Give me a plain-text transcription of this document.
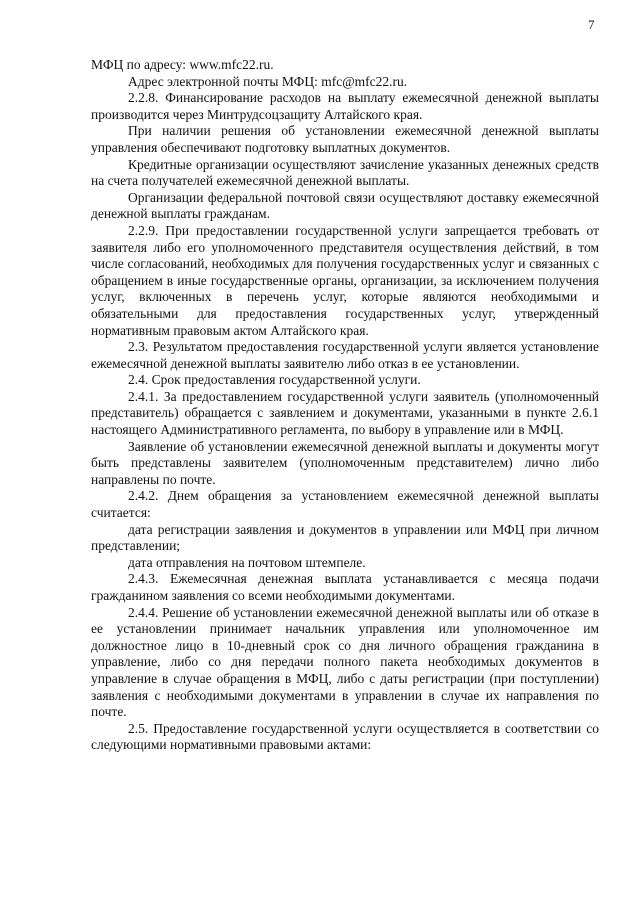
7

МФЦ по адресу: www.mfc22.ru.

Адрес электронной почты МФЦ: mfc@mfc22.ru.

2.2.8. Финансирование расходов на выплату ежемесячной денежной выплаты производится через Минтрудсоцзащиту Алтайского края.

При наличии решения об установлении ежемесячной денежной выплаты управления обеспечивают подготовку выплатных документов.

Кредитные организации осуществляют зачисление указанных денежных средств на счета получателей ежемесячной денежной выплаты.

Организации федеральной почтовой связи осуществляют доставку ежемесячной денежной выплаты гражданам.

2.2.9. При предоставлении государственной услуги запрещается требовать от заявителя либо его уполномоченного представителя осуществления действий, в том числе согласований, необходимых для получения государственных услуг и связанных с обращением в иные государственные органы, организации, за исключением получения услуг, включенных в перечень услуг, которые являются необходимыми и обязательными для предоставления государственных услуг, утвержденный нормативным правовым актом Алтайского края.

2.3. Результатом предоставления государственной услуги является установление ежемесячной денежной выплаты заявителю либо отказ в ее установлении.

2.4. Срок предоставления государственной услуги.

2.4.1. За предоставлением государственной услуги заявитель (уполномоченный представитель) обращается с заявлением и документами, указанными в пункте 2.6.1 настоящего Административного регламента, по выбору в управление или в МФЦ.

Заявление об установлении ежемесячной денежной выплаты и документы могут быть представлены заявителем (уполномоченным представителем) лично либо направлены по почте.

2.4.2. Днем обращения за установлением ежемесячной денежной выплаты считается:

дата регистрации заявления и документов в управлении или МФЦ при личном представлении;

дата отправления на почтовом штемпеле.

2.4.3. Ежемесячная денежная выплата устанавливается с месяца подачи гражданином заявления со всеми необходимыми документами.

2.4.4. Решение об установлении ежемесячной денежной выплаты или об отказе в ее установлении принимает начальник управления или уполномоченное им должностное лицо в 10-дневный срок со дня личного обращения гражданина в управление, либо со дня передачи полного пакета необходимых документов в управление в случае обращения в МФЦ, либо с даты регистрации (при поступлении) заявления с необходимыми документами в управлении в случае их направления по почте.

2.5. Предоставление государственной услуги осуществляется в соответствии со следующими нормативными правовыми актами:
